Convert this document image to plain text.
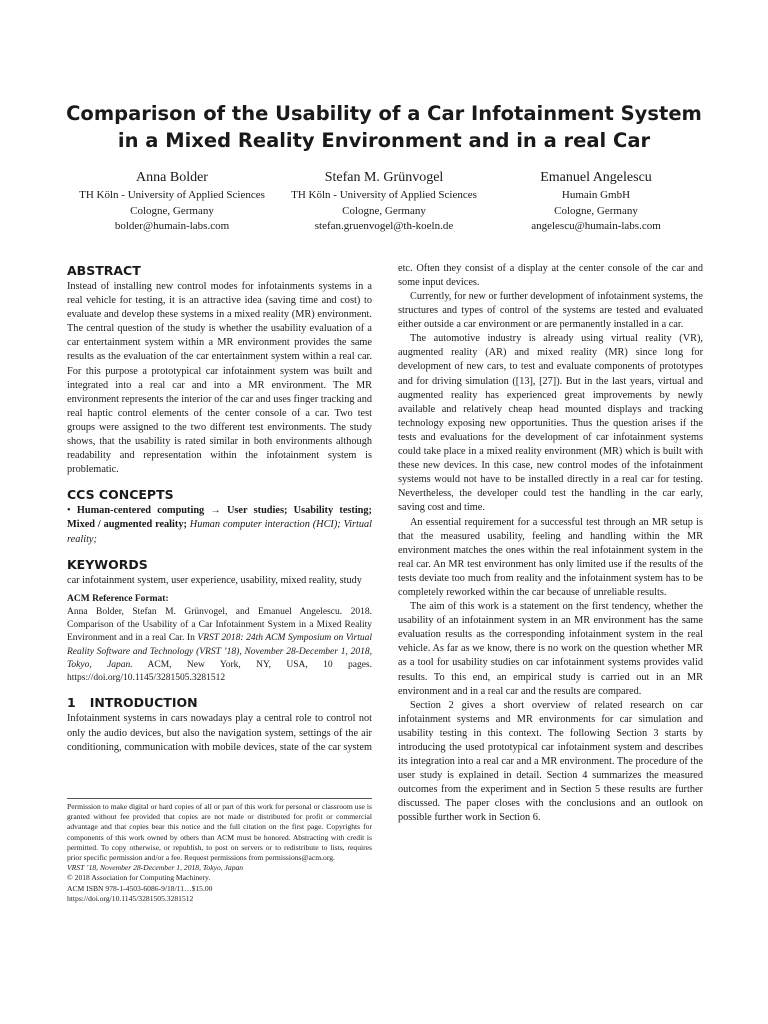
Comparison of the Usability of a Car Infotainment System in a Mixed Reality Environment and in a real Car
Anna Bolder
TH Köln - University of Applied Sciences
Cologne, Germany
bolder@humain-labs.com
Stefan M. Grünvogel
TH Köln - University of Applied Sciences
Cologne, Germany
stefan.gruenvogel@th-koeln.de
Emanuel Angelescu
Humain GmbH
Cologne, Germany
angelescu@humain-labs.com
ABSTRACT

Instead of installing new control modes for infotainments systems in a real vehicle for testing, it is an attractive idea (saving time and cost) to evaluate and develop these systems in a mixed reality (MR) environment. The central question of the study is whether the usability evaluation of a car entertainment system within a MR environment provides the same results as the evaluation of the car entertainment system within a real car. For this purpose a prototypical car infotainment system was built and integrated into a real car and into a MR environment. The MR environment represents the interior of the car and uses finger tracking and real haptic control elements of the center console of a car. Two test groups were assigned to the two different test environments. The study shows, that the usability is rated similar in both environments although readability and representation within the infotainment system is problematic.

CCS CONCEPTS

• Human-centered computing → User studies; Usability testing; Mixed / augmented reality; Human computer interaction (HCI); Virtual reality;

KEYWORDS

car infotainment system, user experience, usability, mixed reality, study

ACM Reference Format:

Anna Bolder, Stefan M. Grünvogel, and Emanuel Angelescu. 2018. Comparison of the Usability of a Car Infotainment System in a Mixed Reality Environment and in a real Car. In VRST 2018: 24th ACM Symposium on Virtual Reality Software and Technology (VRST ’18), November 28-December 1, 2018, Tokyo, Japan. ACM, New York, NY, USA, 10 pages. https://doi.org/10.1145/3281505.3281512

1 INTRODUCTION

Infotainment systems in cars nowadays play a central role to control not only the audio devices, but also the navigation system, settings of the air conditioning, communication with mobile devices, state of the car system

Permission to make digital or hard copies of all or part of this work for personal or classroom use is granted without fee provided that copies are not made or distributed for profit or commercial advantage and that copies bear this notice and the full citation on the first page. Copyrights for components of this work owned by others than ACM must be honored. Abstracting with credit is permitted. To copy otherwise, or republish, to post on servers or to redistribute to lists, requires prior specific permission and/or a fee. Request permissions from permissions@acm.org.
VRST ’18, November 28-December 1, 2018, Tokyo, Japan
© 2018 Association for Computing Machinery.
ACM ISBN 978-1-4503-6086-9/18/11…$15.00
https://doi.org/10.1145/3281505.3281512

etc. Often they consist of a display at the center console of the car and some input devices.

Currently, for new or further development of infotainment systems, the structures and types of control of the systems are tested and evaluated either outside a car environment or are permanently installed in a car.

The automotive industry is already using virtual reality (VR), augmented reality (AR) and mixed reality (MR) since long for development of new cars, to test and evaluate components of prototypes and for driving simulation ([13], [27]). But in the last years, virtual and augmented reality has experienced great improvements by newly available and relatively cheap head mounted displays and tracking technology exposing new opportunities. Thus the question arises if the tests and evaluations for the development of car infotainment systems could take place in a mixed reality environment (MR) which is built with these new devices. In this case, new control modes of the infotainment systems would not have to be installed directly in a real car for testing. Nevertheless, the developer could test the handling in the car early, saving cost and time.

An essential requirement for a successful test through an MR setup is that the measured usability, feeling and handling within the MR environment matches the ones within the real infotainment system in the real car. An MR test environment has only limited use if the results of the tests deviate too much from reality and the infotainment system has to be completely reworked within the car because of unreliable results.

The aim of this work is a statement on the first tendency, whether the usability of an infotainment system in an MR environment has the same evaluation results as the corresponding infotainment system in the real vehicle. As far as we know, there is no work on the question whether MR as a tool for usability studies on car infotainment systems provides valid results. To this end, an empirical study is carried out in an MR environment and in a real car and the results are compared.

Section 2 gives a short overview of related research on car infotainment systems and MR environments for car simulation and usability testing in this context. The following Section 3 starts by introducing the used prototypical car infotainment system and describes its integration into a real car and a MR environment. The procedure of the user study is explained in detail. Section 4 summarizes the measured outcomes from the experiment and in Section 5 these results are further discussed. The paper closes with the conclusions and an outlook on possible further work in Section 6.
